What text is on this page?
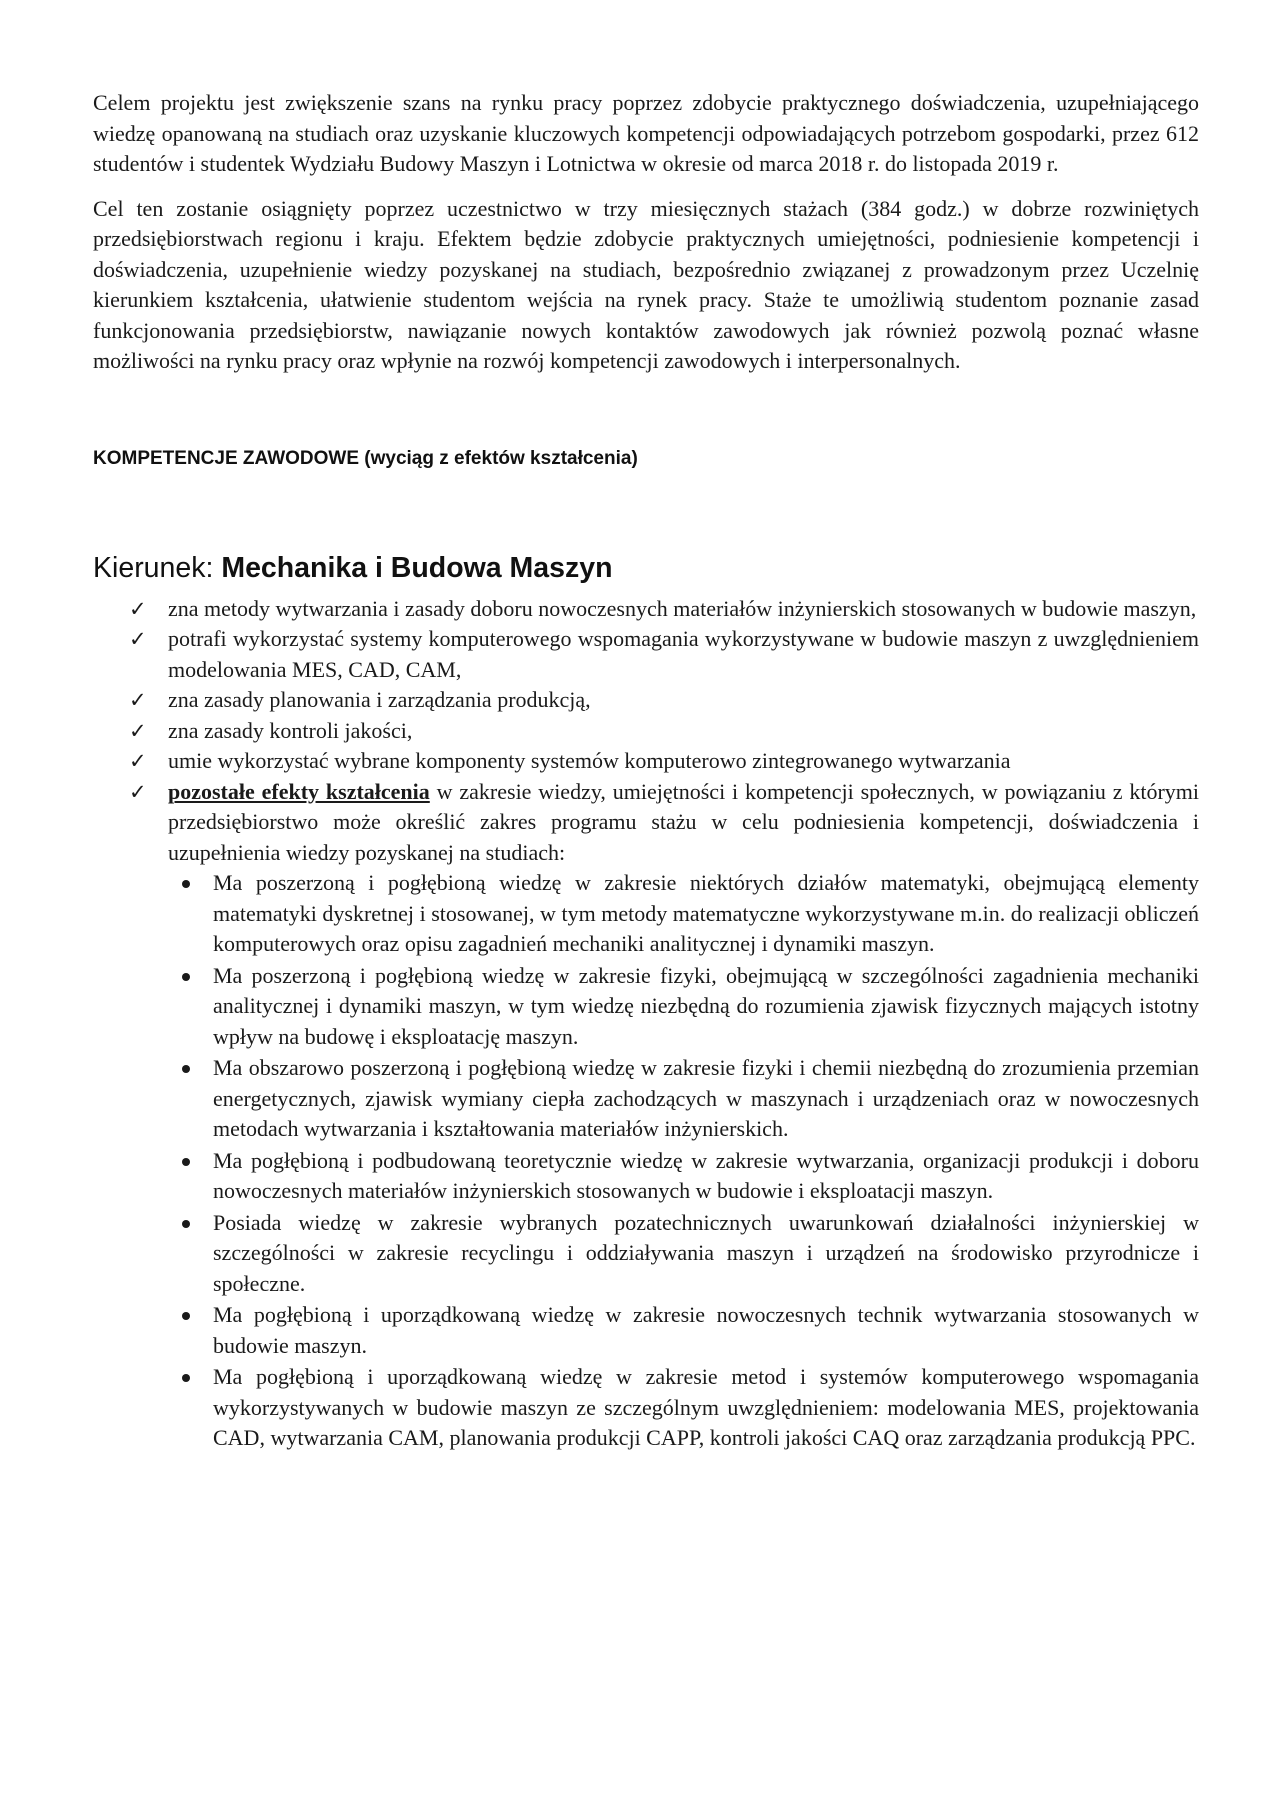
Celem projektu jest zwiększenie szans na rynku pracy poprzez zdobycie praktycznego doświadczenia, uzupełniającego wiedzę opanowaną na studiach oraz uzyskanie kluczowych kompetencji odpowiadających potrzebom gospodarki, przez 612 studentów i studentek Wydziału Budowy Maszyn i Lotnictwa w okresie od marca 2018 r. do listopada 2019 r.

Cel ten zostanie osiągnięty poprzez uczestnictwo w trzy miesięcznych stażach (384 godz.) w dobrze rozwiniętych przedsiębiorstwach regionu i kraju. Efektem będzie zdobycie praktycznych umiejętności, podniesienie kompetencji i doświadczenia, uzupełnienie wiedzy pozyskanej na studiach, bezpośrednio związanej z prowadzonym przez Uczelnię kierunkiem kształcenia, ułatwienie studentom wejścia na rynek pracy. Staże te umożliwią studentom poznanie zasad funkcjonowania przedsiębiorstw, nawiązanie nowych kontaktów zawodowych jak również pozwolą poznać własne możliwości na rynku pracy oraz wpłynie na rozwój kompetencji zawodowych i interpersonalnych.

KOMPETENCJE ZAWODOWE (wyciąg z efektów kształcenia)

Kierunek: Mechanika i Budowa Maszyn

✓ zna metody wytwarzania i zasady doboru nowoczesnych materiałów inżynierskich stosowanych w budowie maszyn,
✓ potrafi wykorzystać systemy komputerowego wspomagania wykorzystywane w budowie maszyn z uwzględnieniem modelowania MES, CAD, CAM,
✓ zna zasady planowania i zarządzania produkcją,
✓ zna zasady kontroli jakości,
✓ umie wykorzystać wybrane komponenty systemów komputerowo zintegrowanego wytwarzania
✓ pozostałe efekty kształcenia w zakresie wiedzy, umiejętności i kompetencji społecznych, w powiązaniu z którymi przedsiębiorstwo może określić zakres programu stażu w celu podniesienia kompetencji, doświadczenia i uzupełnienia wiedzy pozyskanej na studiach:
Ma poszerzoną i pogłębioną wiedzę w zakresie niektórych działów matematyki, obejmującą elementy matematyki dyskretnej i stosowanej, w tym metody matematyczne wykorzystywane m.in. do realizacji obliczeń komputerowych oraz opisu zagadnień mechaniki analitycznej i dynamiki maszyn.
Ma poszerzoną i pogłębioną wiedzę w zakresie fizyki, obejmującą w szczególności zagadnienia mechaniki analitycznej i dynamiki maszyn, w tym wiedzę niezbędną do rozumienia zjawisk fizycznych mających istotny wpływ na budowę i eksploatację maszyn.
Ma obszarowo poszerzoną i pogłębioną wiedzę w zakresie fizyki i chemii niezbędną do zrozumienia przemian energetycznych, zjawisk wymiany ciepła zachodzących w maszynach i urządzeniach oraz w nowoczesnych metodach wytwarzania i kształtowania materiałów inżynierskich.
Ma pogłębioną i podbudowaną teoretycznie wiedzę w zakresie wytwarzania, organizacji produkcji i doboru nowoczesnych materiałów inżynierskich stosowanych w budowie i eksploatacji maszyn.
Posiada wiedzę w zakresie wybranych pozatechnicznych uwarunkowań działalności inżynierskiej w szczególności w zakresie recyclingu i oddziaływania maszyn i urządzeń na środowisko przyrodnicze i społeczne.
Ma pogłębioną i uporządkowaną wiedzę w zakresie nowoczesnych technik wytwarzania stosowanych w budowie maszyn.
Ma pogłębioną i uporządkowaną wiedzę w zakresie metod i systemów komputerowego wspomagania wykorzystywanych w budowie maszyn ze szczególnym uwzględnieniem: modelowania MES, projektowania CAD, wytwarzania CAM, planowania produkcji CAPP, kontroli jakości CAQ oraz zarządzania produkcją PPC.
